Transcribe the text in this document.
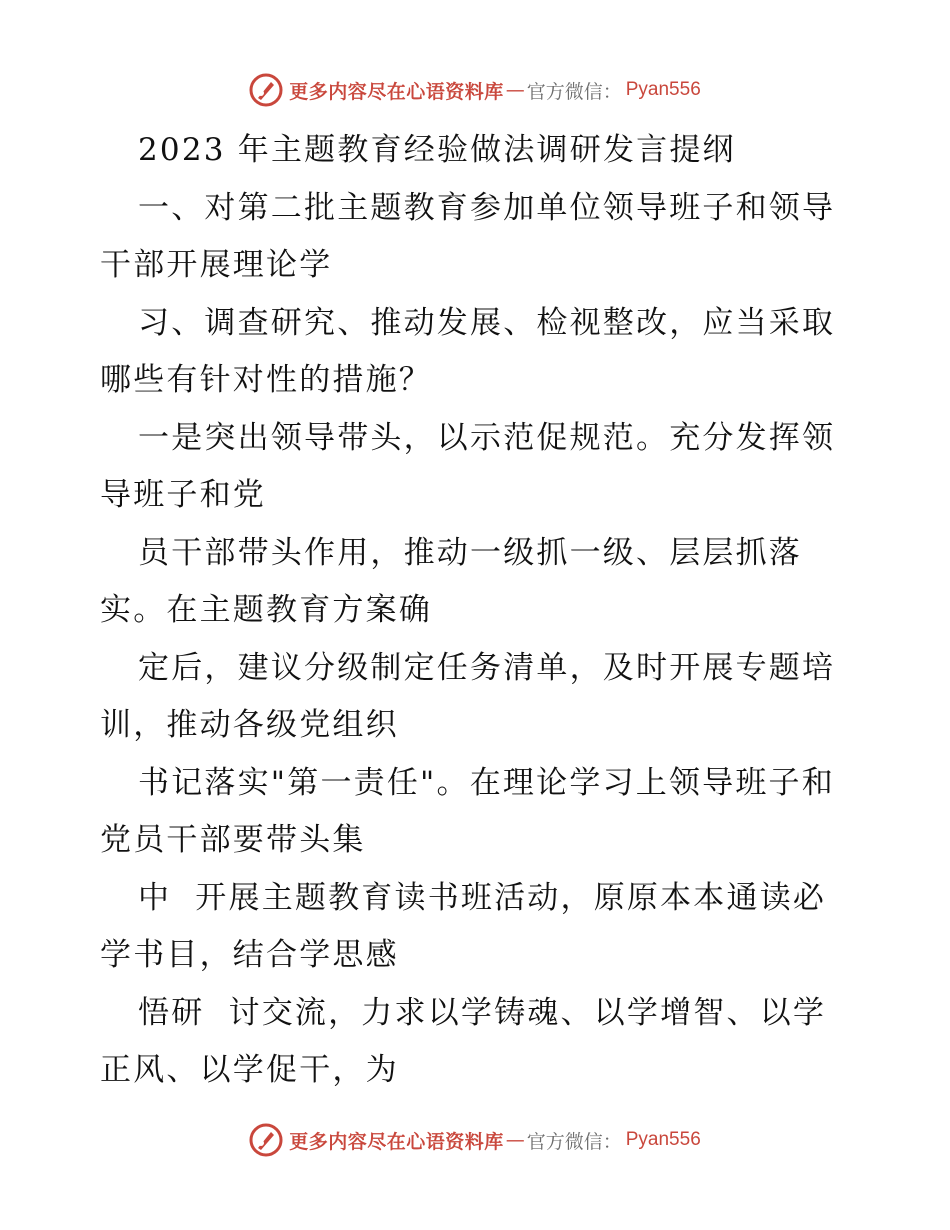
更多内容尽在心语资料库 — 官方微信： Pyan556
2023 年主题教育经验做法调研发言提纲
一、对第二批主题教育参加单位领导班子和领导
干部开展理论学
习、调查研究、推动发展、检视整改，应当采取
哪些有针对性的措施？
一是突出领导带头，以示范促规范。充分发挥领
导班子和党
员干部带头作用，推动一级抓一级、层层抓落
实。在主题教育方案确
定后，建议分级制定任务清单，及时开展专题培
训，推动各级党组织
书记落实"第一责任"。在理论学习上领导班子和
党员干部要带头集
中  开展主题教育读书班活动，原原本本通读必
学书目，结合学思感
悟研  讨交流，力求以学铸魂、以学增智、以学
正风、以学促干，为
更多内容尽在心语资料库 — 官方微信： Pyan556
